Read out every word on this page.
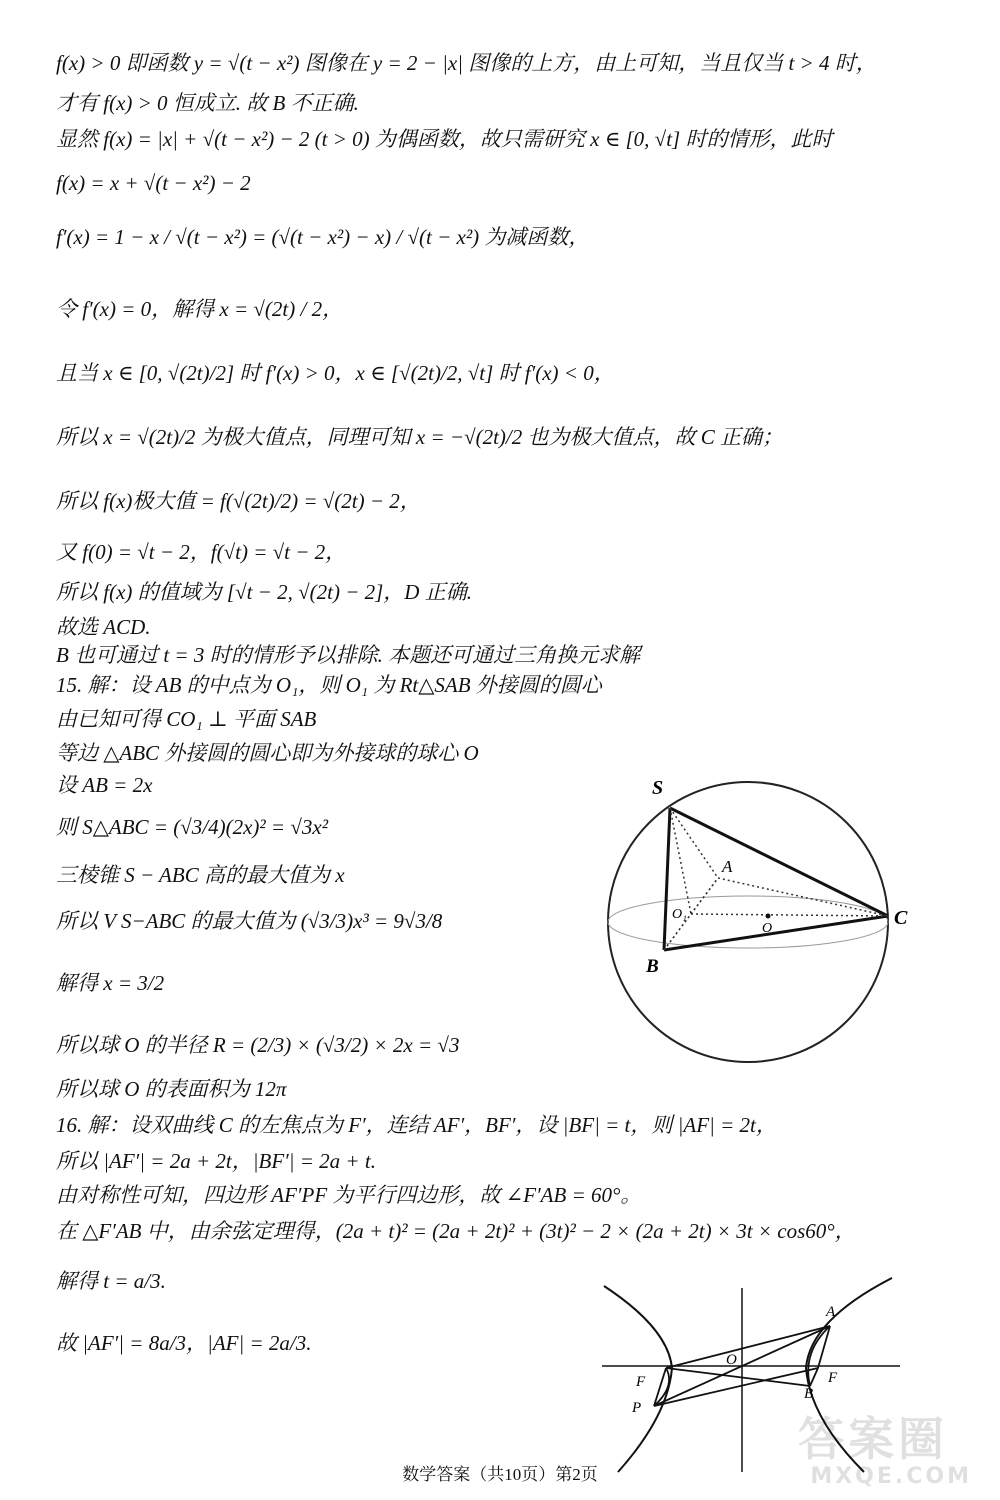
f(x) > 0 即函数 y = √(t − x²) 图像在 y = 2 − |x| 图像的上方，由上可知，当且仅当 t > 4 时，
才有 f(x) > 0 恒成立. 故 B 不正确.
显然 f(x) = |x| + √(t − x²) − 2 (t > 0) 为偶函数，故只需研究 x ∈ [0, √t] 时的情形，此时
f(x) = x + √(t − x²) − 2
f′(x) = 1 − x / √(t − x²) = (√(t − x²) − x) / √(t − x²) 为减函数，
令 f′(x) = 0，解得 x = √(2t) / 2，
且当 x ∈ [0, √(2t)/2] 时 f′(x) > 0，x ∈ [√(2t)/2, √t] 时 f′(x) < 0，
所以 x = √(2t)/2 为极大值点，同理可知 x = −√(2t)/2 也为极大值点，故 C 正确；
所以 f(x)极大值 = f(√(2t)/2) = √(2t) − 2，
又 f(0) = √t − 2，f(√t) = √t − 2，
所以 f(x) 的值域为 [√t − 2, √(2t) − 2]，D 正确.
故选 ACD.
B 也可通过 t = 3 时的情形予以排除. 本题还可通过三角换元求解
15. 解：设 AB 的中点为 O₁，则 O₁ 为 Rt△SAB 外接圆的圆心
由已知可得 CO₁ ⊥ 平面 SAB
等边 △ABC 外接圆的圆心即为外接球的球心 O
设 AB = 2x
则 S△ABC = (√3/4)(2x)² = √3x²
三棱锥 S − ABC 高的最大值为 x
所以 V S−ABC 的最大值为 (√3/3)x³ = 9√3/8
解得 x = 3/2
所以球 O 的半径 R = (2/3) × (√3/2) × 2x = √3
所以球 O 的表面积为 12π
16. 解：设双曲线 C 的左焦点为 F′，连结 AF′，BF′，设 |BF| = t，则 |AF| = 2t，
所以 |AF′| = 2a + 2t，|BF′| = 2a + t.
由对称性可知，四边形 AF′PF 为平行四边形，故 ∠F′AB = 60°。
在 △F′AB 中，由余弦定理得，(2a + t)² = (2a + 2t)² + (3t)² − 2 × (2a + 2t) × 3t × cos60°，
解得 t = a/3.
故 |AF′| = 8a/3，|AF| = 2a/3.
S
A
B
C
O₁
O
A
B
F	F
O
P
数学答案（共10页）第2页
答案圈
MXQE.COM
